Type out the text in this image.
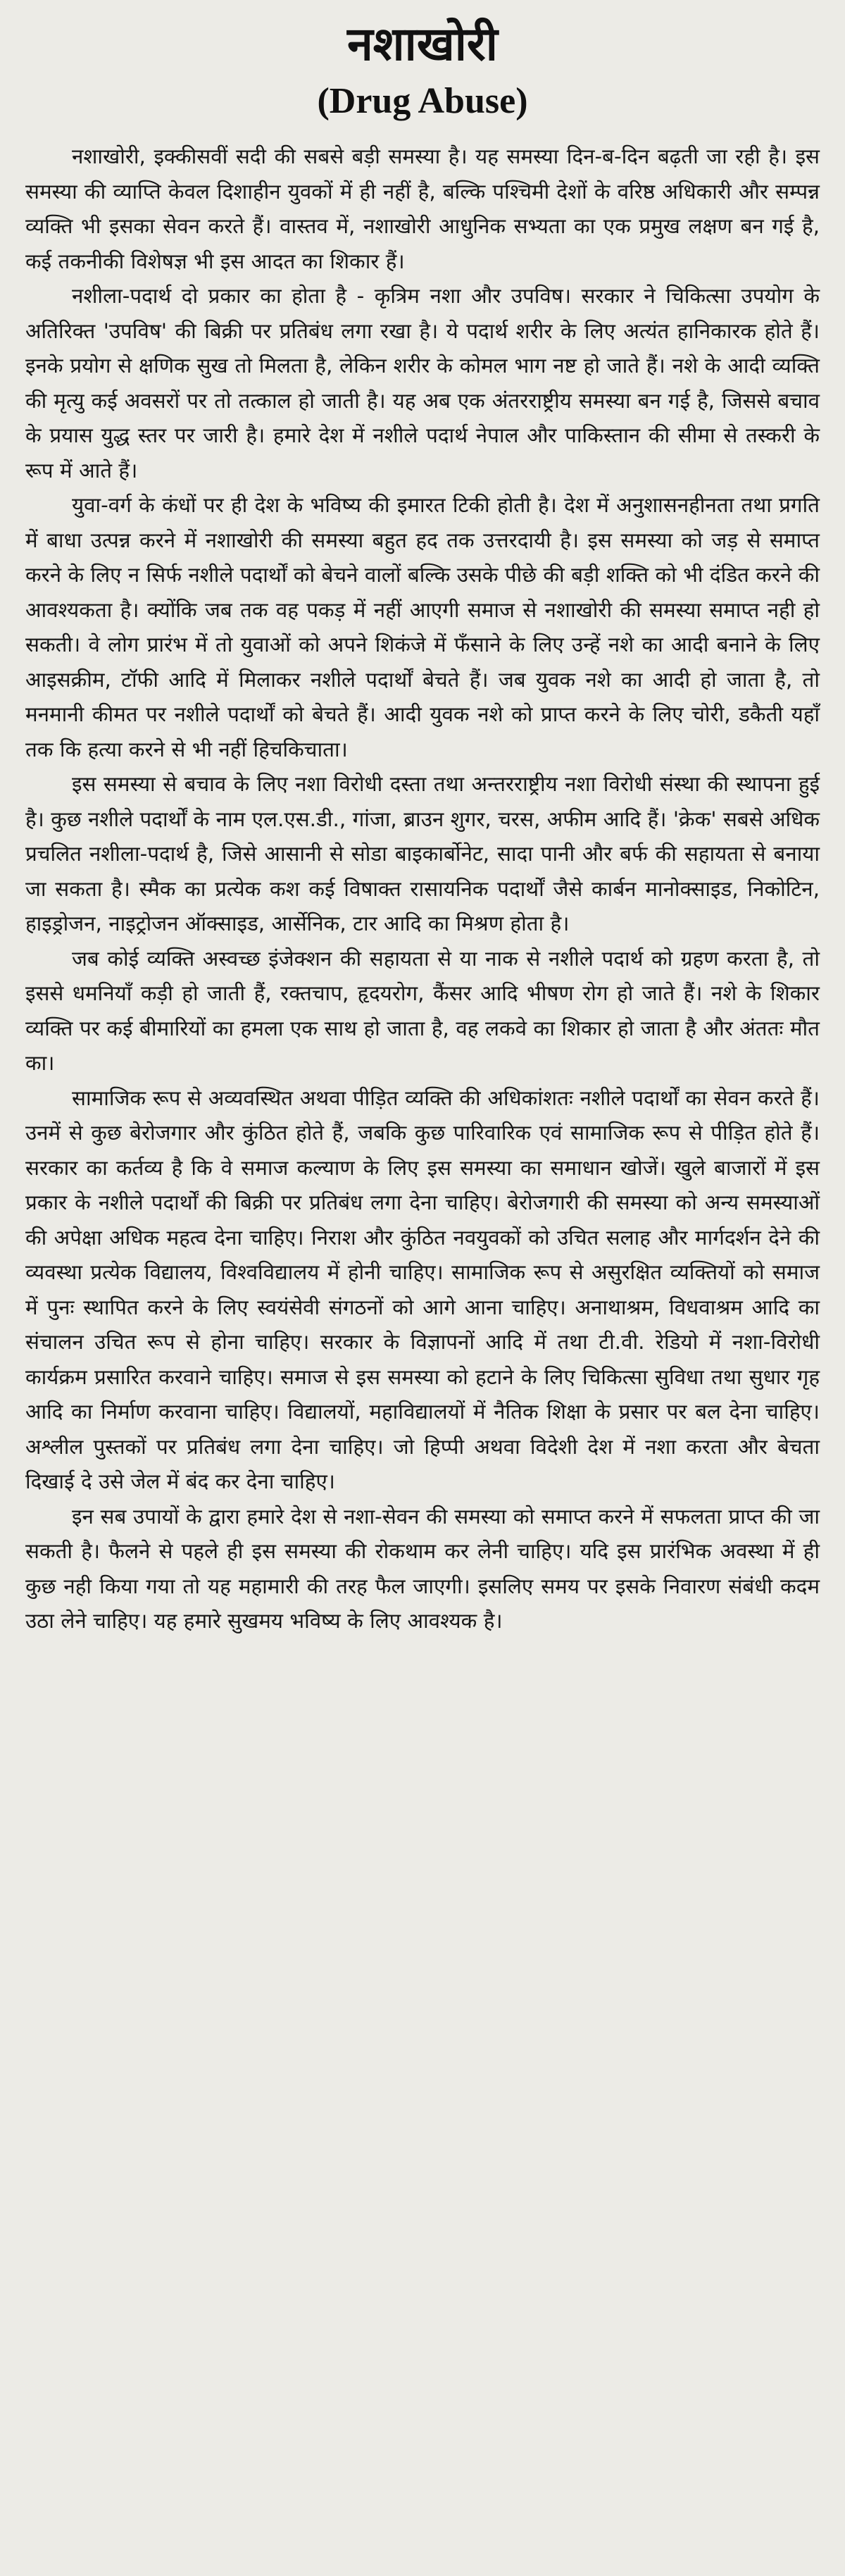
नशाखोरी
(Drug Abuse)

नशाखोरी, इक्कीसवीं सदी की सबसे बड़ी समस्या है। यह समस्या दिन-ब-दिन बढ़ती जा रही है। इस समस्या की व्याप्ति केवल दिशाहीन युवकों में ही नहीं है, बल्कि पश्चिमी देशों के वरिष्ठ अधिकारी और सम्पन्न व्यक्ति भी इसका सेवन करते हैं। वास्तव में, नशाखोरी आधुनिक सभ्यता का एक प्रमुख लक्षण बन गई है, कई तकनीकी विशेषज्ञ भी इस आदत का शिकार हैं।

नशीला-पदार्थ दो प्रकार का होता है - कृत्रिम नशा और उपविष। सरकार ने चिकित्सा उपयोग के अतिरिक्त 'उपविष' की बिक्री पर प्रतिबंध लगा रखा है। ये पदार्थ शरीर के लिए अत्यंत हानिकारक होते हैं। इनके प्रयोग से क्षणिक सुख तो मिलता है, लेकिन शरीर के कोमल भाग नष्ट हो जाते हैं। नशे के आदी व्यक्ति की मृत्यु कई अवसरों पर तो तत्काल हो जाती है। यह अब एक अंतरराष्ट्रीय समस्या बन गई है, जिससे बचाव के प्रयास युद्ध स्तर पर जारी है। हमारे देश में नशीले पदार्थ नेपाल और पाकिस्तान की सीमा से तस्करी के रूप में आते हैं।

युवा-वर्ग के कंधों पर ही देश के भविष्य की इमारत टिकी होती है। देश में अनुशासनहीनता तथा प्रगति में बाधा उत्पन्न करने में नशाखोरी की समस्या बहुत हद तक उत्तरदायी है। इस समस्या को जड़ से समाप्त करने के लिए न सिर्फ नशीले पदार्थों को बेचने वालों बल्कि उसके पीछे की बड़ी शक्ति को भी दंडित करने की आवश्यकता है। क्योंकि जब तक वह पकड़ में नहीं आएगी समाज से नशाखोरी की समस्या समाप्त नही हो सकती। वे लोग प्रारंभ में तो युवाओं को अपने शिकंजे में फँसाने के लिए उन्हें नशे का आदी बनाने के लिए आइसक्रीम, टॉफी आदि में मिलाकर नशीले पदार्थों बेचते हैं। जब युवक नशे का आदी हो जाता है, तो मनमानी कीमत पर नशीले पदार्थों को बेचते हैं। आदी युवक नशे को प्राप्त करने के लिए चोरी, डकैती यहाँ तक कि हत्या करने से भी नहीं हिचकिचाता।

इस समस्या से बचाव के लिए नशा विरोधी दस्ता तथा अन्तरराष्ट्रीय नशा विरोधी संस्था की स्थापना हुई है। कुछ नशीले पदार्थों के नाम एल.एस.डी., गांजा, ब्राउन शुगर, चरस, अफीम आदि हैं। 'क्रेक' सबसे अधिक प्रचलित नशीला-पदार्थ है, जिसे आसानी से सोडा बाइकार्बोनेट, सादा पानी और बर्फ की सहायता से बनाया जा सकता है। स्मैक का प्रत्येक कश कई विषाक्त रासायनिक पदार्थों जैसे कार्बन मानोक्साइड, निकोटिन, हाइड्रोजन, नाइट्रोजन ऑक्साइड, आर्सेनिक, टार आदि का मिश्रण होता है।

जब कोई व्यक्ति अस्वच्छ इंजेक्शन की सहायता से या नाक से नशीले पदार्थ को ग्रहण करता है, तो इससे धमनियाँ कड़ी हो जाती हैं, रक्तचाप, हृदयरोग, कैंसर आदि भीषण रोग हो जाते हैं। नशे के शिकार व्यक्ति पर कई बीमारियों का हमला एक साथ हो जाता है, वह लकवे का शिकार हो जाता है और अंततः मौत का।

सामाजिक रूप से अव्यवस्थित अथवा पीड़ित व्यक्ति की अधिकांशतः नशीले पदार्थों का सेवन करते हैं। उनमें से कुछ बेरोजगार और कुंठित होते हैं, जबकि कुछ पारिवारिक एवं सामाजिक रूप से पीड़ित होते हैं। सरकार का कर्तव्य है कि वे समाज कल्याण के लिए इस समस्या का समाधान खोजें। खुले बाजारों में इस प्रकार के नशीले पदार्थों की बिक्री पर प्रतिबंध लगा देना चाहिए। बेरोजगारी की समस्या को अन्य समस्याओं की अपेक्षा अधिक महत्व देना चाहिए। निराश और कुंठित नवयुवकों को उचित सलाह और मार्गदर्शन देने की व्यवस्था प्रत्येक विद्यालय, विश्वविद्यालय में होनी चाहिए। सामाजिक रूप से असुरक्षित व्यक्तियों को समाज में पुनः स्थापित करने के लिए स्वयंसेवी संगठनों को आगे आना चाहिए। अनाथाश्रम, विधवाश्रम आदि का संचालन उचित रूप से होना चाहिए। सरकार के विज्ञापनों आदि में तथा टी.वी. रेडियो में नशा-विरोधी कार्यक्रम प्रसारित करवाने चाहिए। समाज से इस समस्या को हटाने के लिए चिकित्सा सुविधा तथा सुधार गृह आदि का निर्माण करवाना चाहिए। विद्यालयों, महाविद्यालयों में नैतिक शिक्षा के प्रसार पर बल देना चाहिए। अश्लील पुस्तकों पर प्रतिबंध लगा देना चाहिए। जो हिप्पी अथवा विदेशी देश में नशा करता और बेचता दिखाई दे उसे जेल में बंद कर देना चाहिए।

इन सब उपायों के द्वारा हमारे देश से नशा-सेवन की समस्या को समाप्त करने में सफलता प्राप्त की जा सकती है। फैलने से पहले ही इस समस्या की रोकथाम कर लेनी चाहिए। यदि इस प्रारंभिक अवस्था में ही कुछ नही किया गया तो यह महामारी की तरह फैल जाएगी। इसलिए समय पर इसके निवारण संबंधी कदम उठा लेने चाहिए। यह हमारे सुखमय भविष्य के लिए आवश्यक है।
